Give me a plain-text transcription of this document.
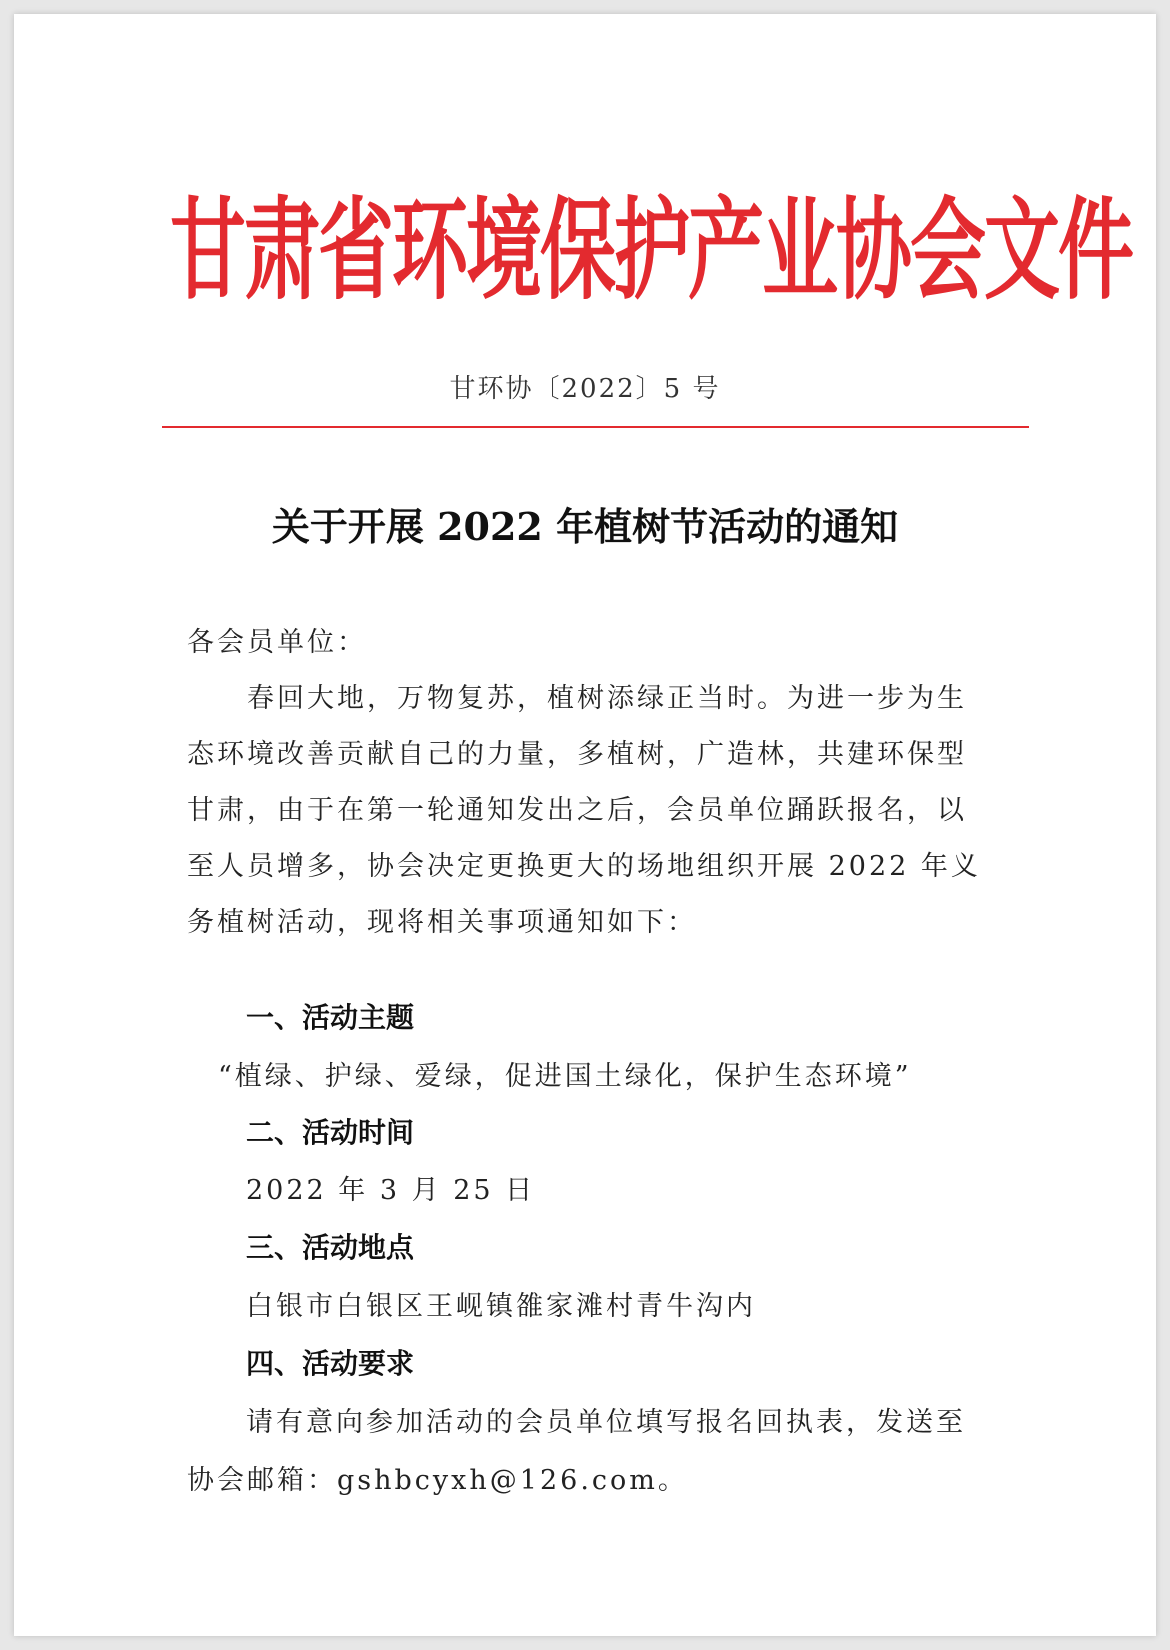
甘肃省环境保护产业协会文件
甘环协〔2022〕5 号
关于开展 2022 年植树节活动的通知
各会员单位：
春回大地，万物复苏，植树添绿正当时。为进一步为生
态环境改善贡献自己的力量，多植树，广造林，共建环保型
甘肃，由于在第一轮通知发出之后，会员单位踊跃报名，以
至人员增多，协会决定更换更大的场地组织开展 2022 年义
务植树活动，现将相关事项通知如下：
一、活动主题
“植绿、护绿、爱绿，促进国土绿化，保护生态环境”
二、活动时间
2022 年 3 月 25 日
三、活动地点
白银市白银区王岘镇雒家滩村青牛沟内
四、活动要求
请有意向参加活动的会员单位填写报名回执表，发送至
协会邮箱：gshbcyxh@126.com。
